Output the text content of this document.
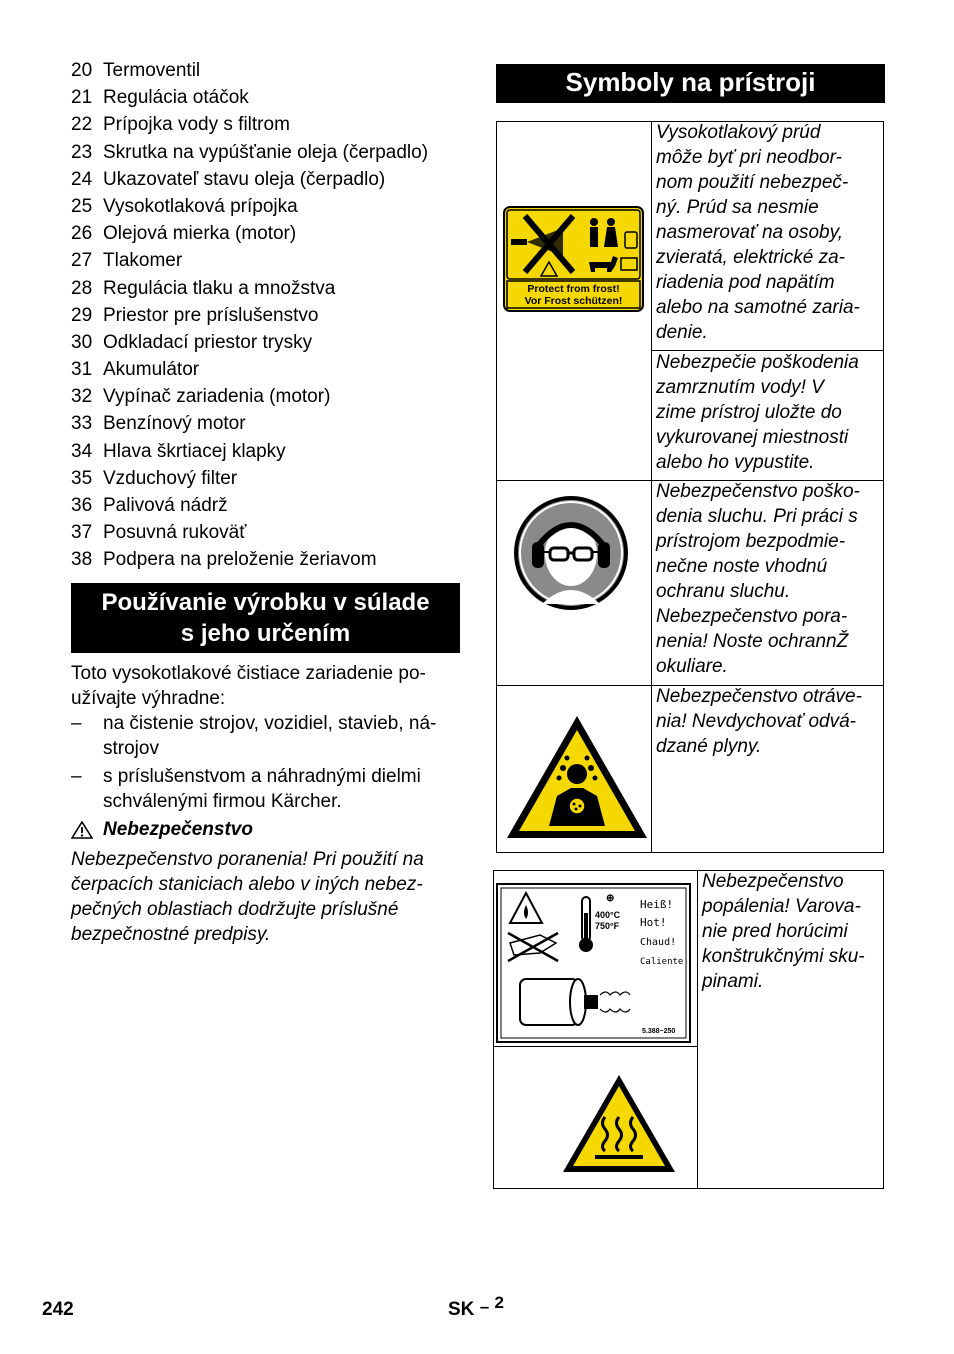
20 Termoventil
21 Regulácia otáčok
22 Prípojka vody s filtrom
23 Skrutka na vypúšťanie oleja (čerpadlo)
24 Ukazovateľ stavu oleja (čerpadlo)
25 Vysokotlaková prípojka
26 Olejová mierka (motor)
27 Tlakomer
28 Regulácia tlaku a množstva
29 Priestor pre príslušenstvo
30 Odkladací priestor trysky
31 Akumulátor
32 Vypínač zariadenia (motor)
33 Benzínový motor
34 Hlava škrtiacej klapky
35 Vzduchový filter
36 Palivová nádrž
37 Posuvná rukoväť
38 Podpera na preloženie žeriavom
Používanie výrobku v súlade
s jeho určením
Toto vysokotlakové čistiace zariadenie po-
užívajte výhradne:
–	na čistenie strojov, vozidiel, stavieb, ná-
strojov
–	s príslušenstvom a náhradnými dielmi
schválenými firmou Kärcher.
Nebezpečenstvo
Nebezpečenstvo poranenia! Pri použití na
čerpacích staniciach alebo v iných nebez-
pečných oblastiach dodržujte príslušné
bezpečnostné predpisy.
Symboly na prístroji
Vysokotlakový prúd
môže byť pri neodbor-
nom použití nebezpeč-
ný. Prúd sa nesmie
nasmerovať na osoby,
zvieratá, elektrické za-
riadenia pod napätím
alebo na samotné zaria-
denie.
Nebezpečie poškodenia
zamrznutím vody! V
zime prístroj uložte do
vykurovanej miestnosti
alebo ho vypustite.
Nebezpečenstvo poško-
denia sluchu. Pri práci s
prístrojom bezpodmie-
nečne noste vhodnú
ochranu sluchu.
Nebezpečenstvo pora-
nenia! Noste ochrannŽ
okuliare.
Nebezpečenstvo otráve-
nia! Nevdychovať odvá-
dzané plyny.
Protect from frost!
Vor Frost schützen!
Nebezpečenstvo
popálenia! Varova-
nie pred horúcimi
konštrukčnými sku-
pinami.
⊕
400°C
750°F
Heiß!
Hot!
Chaud!
Caliente!
5.388−250
242	SK – 2
